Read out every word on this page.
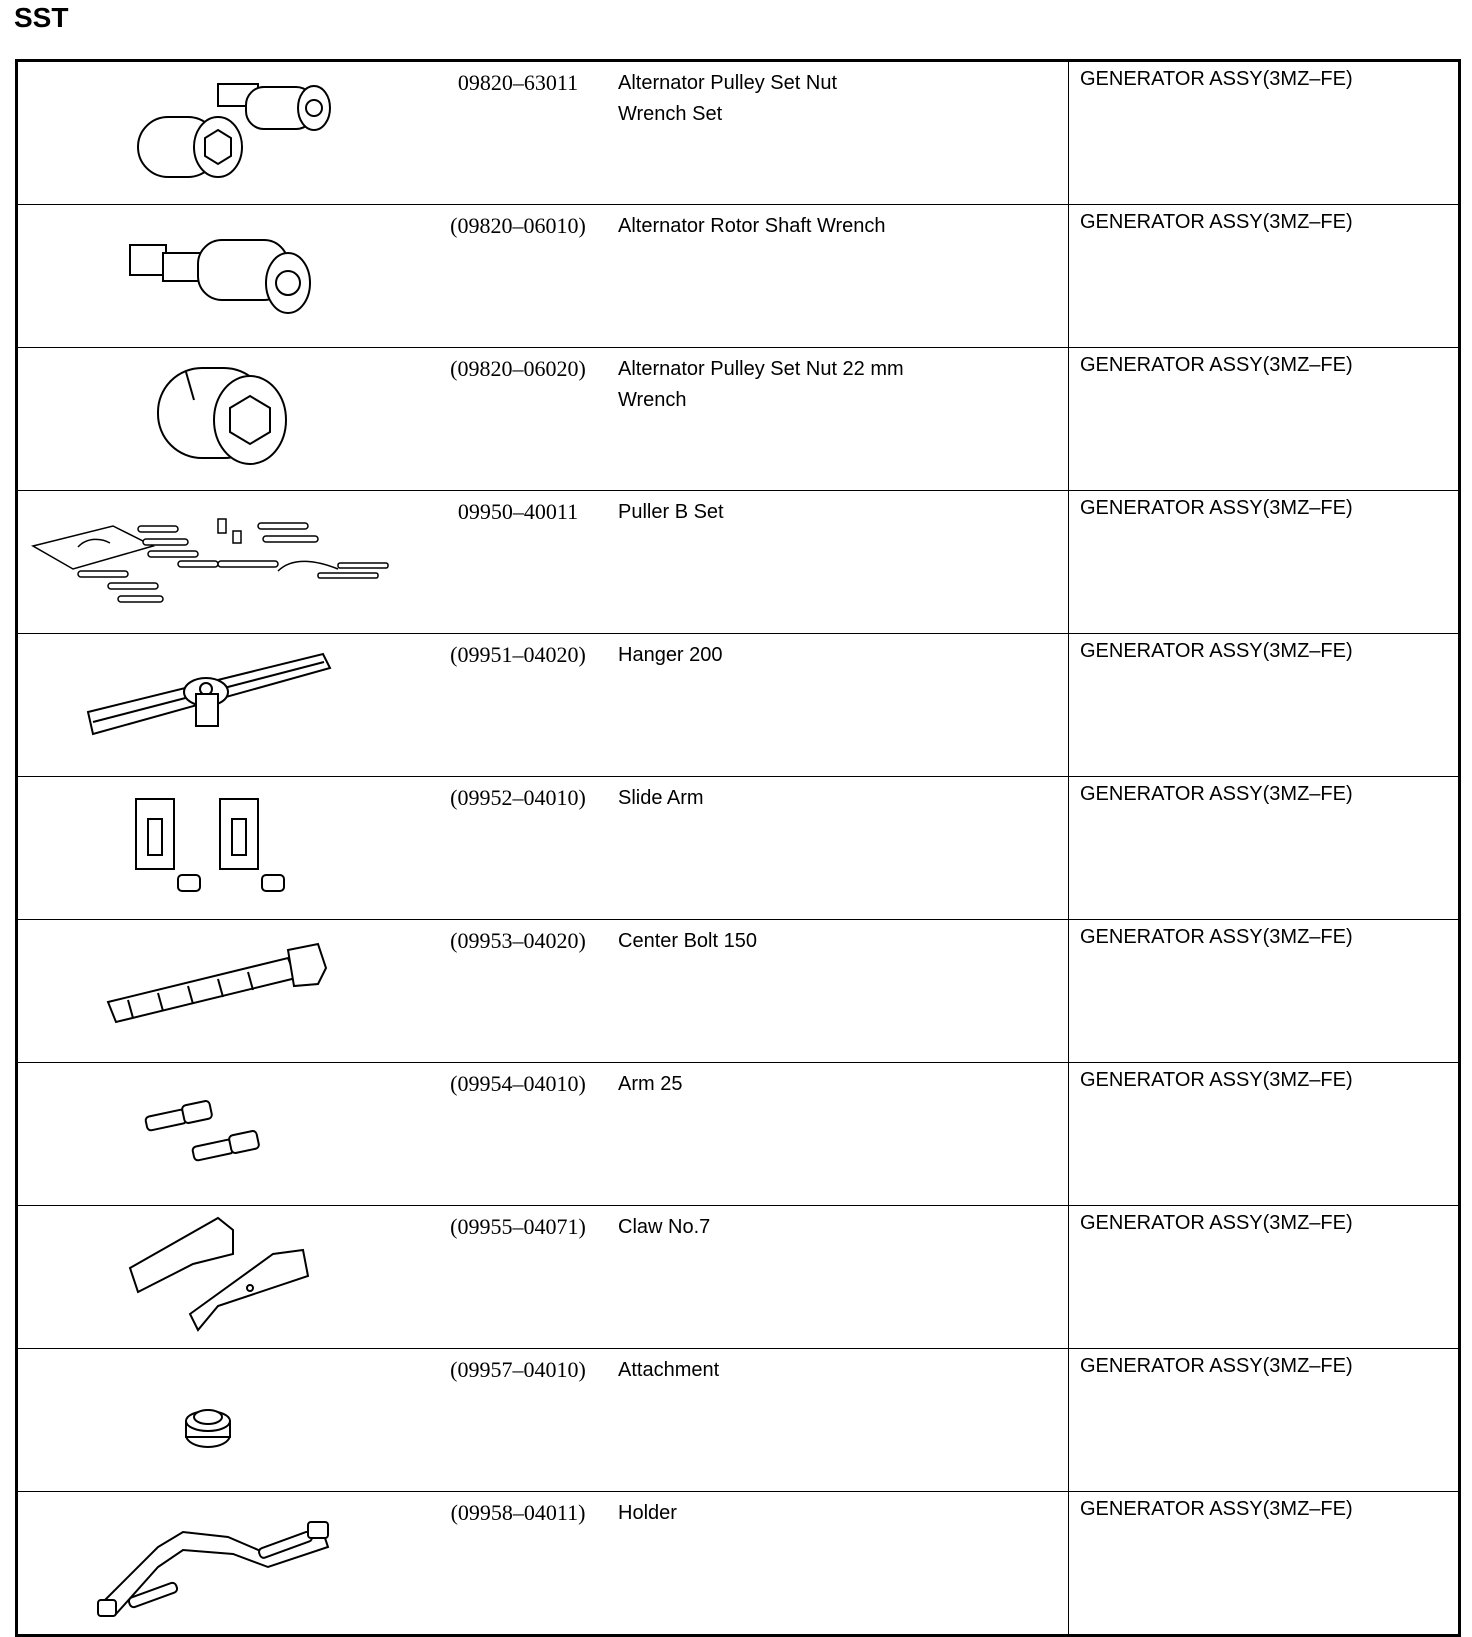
SST
09820–63011 Alternator Pulley Set Nut
Wrench Set	GENERATOR ASSY(3MZ–FE)

(09820–06010) Alternator Rotor Shaft Wrench	GENERATOR ASSY(3MZ–FE)

(09820–06020) Alternator Pulley Set Nut 22 mm
Wrench	GENERATOR ASSY(3MZ–FE)

09950–40011 Puller B Set	GENERATOR ASSY(3MZ–FE)

(09951–04020) Hanger 200	GENERATOR ASSY(3MZ–FE)

(09952–04010) Slide Arm	GENERATOR ASSY(3MZ–FE)

(09953–04020) Center Bolt 150	GENERATOR ASSY(3MZ–FE)

(09954–04010) Arm 25	GENERATOR ASSY(3MZ–FE)

(09955–04071) Claw No.7	GENERATOR ASSY(3MZ–FE)

(09957–04010) Attachment	GENERATOR ASSY(3MZ–FE)

(09958–04011) Holder	GENERATOR ASSY(3MZ–FE)
